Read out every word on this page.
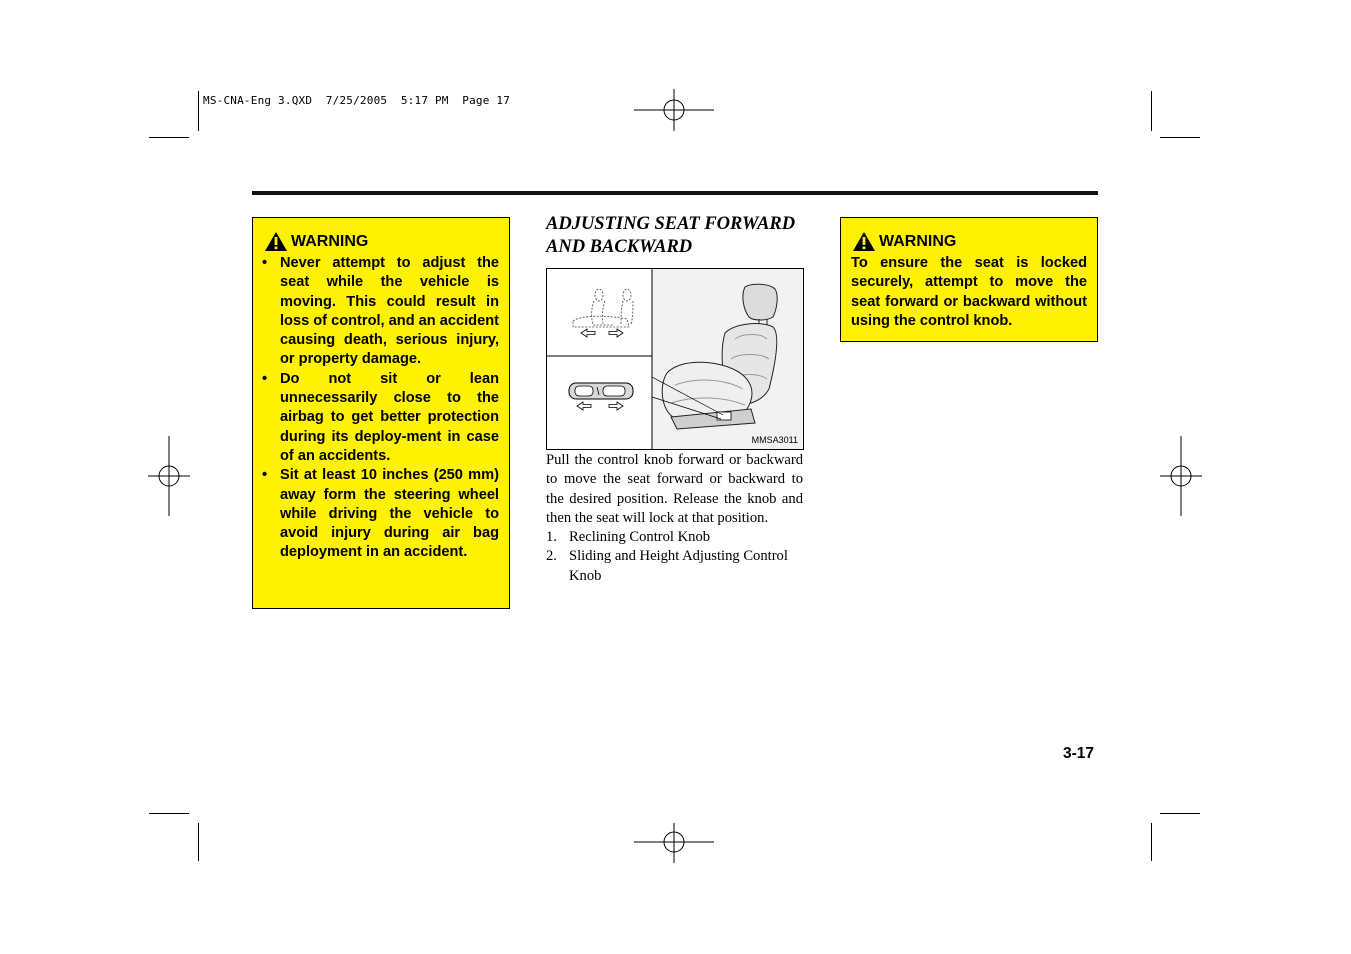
MS-CNA-Eng 3.QXD  7/25/2005  5:17 PM  Page 17
WARNING
• Never attempt to adjust the seat while the vehicle is moving. This could result in loss of control, and an accident causing death, serious injury, or property damage.
• Do not sit or lean unnecessarily close to the airbag to get better protection during its deploy-ment in case of an accidents.
• Sit at least 10 inches (250 mm) away form the steering wheel while driving the vehicle to avoid injury during air bag deployment in an accident.
ADJUSTING SEAT FORWARD
AND BACKWARD
MMSA3011

Pull the control knob forward or backward to move the seat forward or backward to the desired position. Release the knob and then the seat will lock at that position.

1. Reclining Control Knob
2. Sliding and Height Adjusting Control Knob
WARNING

To ensure the seat is locked securely, attempt to move the seat forward or backward without using the control knob.

3-17
